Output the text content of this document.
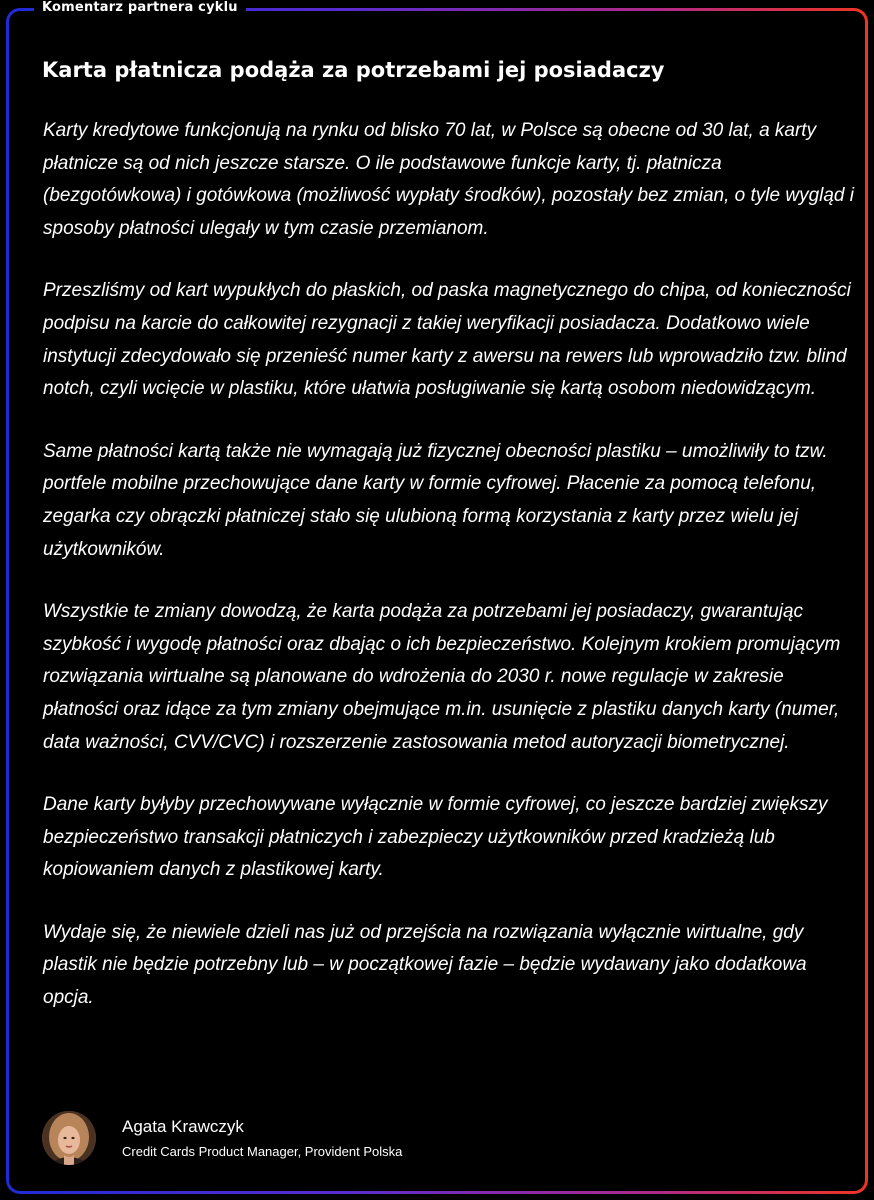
Karta płatnicza podąża za potrzebami jej posiadaczy

Karty kredytowe funkcjonują na rynku od blisko 70 lat, w Polsce są obecne od 30 lat, a karty płatnicze są od nich jeszcze starsze. O ile podstawowe funkcje karty, tj. płatnicza (bezgotówkowa) i gotówkowa (możliwość wypłaty środków), pozostały bez zmian, o tyle wygląd i sposoby płatności ulegały w tym czasie przemianom.

Przeszliśmy od kart wypukłych do płaskich, od paska magnetycznego do chipa, od konieczności podpisu na karcie do całkowitej rezygnacji z takiej weryfikacji posiadacza. Dodatkowo wiele instytucji zdecydowało się przenieść numer karty z awersu na rewers lub wprowadziło tzw. blind notch, czyli wcięcie w plastiku, które ułatwia posługiwanie się kartą osobom niedowidzącym.

Same płatności kartą także nie wymagają już fizycznej obecności plastiku – umożliwiły to tzw. portfele mobilne przechowujące dane karty w formie cyfrowej. Płacenie za pomocą telefonu, zegarka czy obrączki płatniczej stało się ulubioną formą korzystania z karty przez wielu jej użytkowników.

Wszystkie te zmiany dowodzą, że karta podąża za potrzebami jej posiadaczy, gwarantując szybkość i wygodę płatności oraz dbając o ich bezpieczeństwo. Kolejnym krokiem promującym rozwiązania wirtualne są planowane do wdrożenia do 2030 r. nowe regulacje w zakresie płatności oraz idące za tym zmiany obejmujące m.in. usunięcie z plastiku danych karty (numer, data ważności, CVV/CVC) i rozszerzenie zastosowania metod autoryzacji biometrycznej.

Dane karty byłyby przechowywane wyłącznie w formie cyfrowej, co jeszcze bardziej zwiększy bezpieczeństwo transakcji płatniczych i zabezpieczy użytkowników przed kradzieżą lub kopiowaniem danych z plastikowej karty.

Wydaje się, że niewiele dzieli nas już od przejścia na rozwiązania wyłącznie wirtualne, gdy plastik nie będzie potrzebny lub – w początkowej fazie – będzie wydawany jako dodatkowa opcja.

Agata Krawczyk
Credit Cards Product Manager, Provident Polska
Komentarz partnera cyklu
